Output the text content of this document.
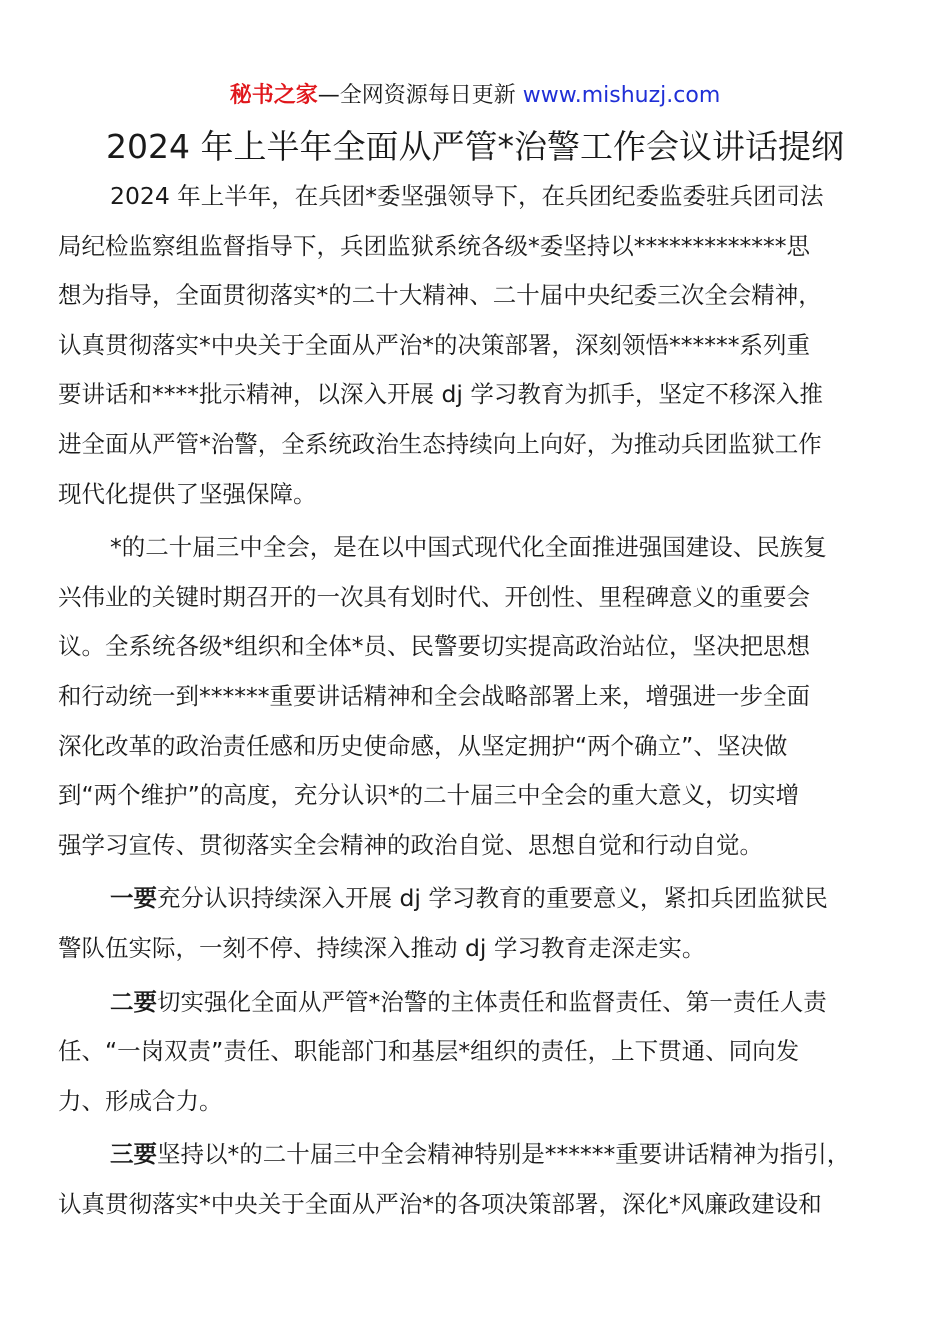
秘书之家—全网资源每日更新 www.mishuzj.com
2024 年上半年全面从严管*治警工作会议讲话提纲

2024 年上半年，在兵团*委坚强领导下，在兵团纪委监委驻兵团司法
局纪检监察组监督指导下，兵团监狱系统各级*委坚持以*************思
想为指导，全面贯彻落实*的二十大精神、二十届中央纪委三次全会精神，
认真贯彻落实*中央关于全面从严治*的决策部署，深刻领悟******系列重
要讲话和****批示精神，以深入开展 dj 学习教育为抓手，坚定不移深入推
进全面从严管*治警，全系统政治生态持续向上向好，为推动兵团监狱工作
现代化提供了坚强保障。

*的二十届三中全会，是在以中国式现代化全面推进强国建设、民族复
兴伟业的关键时期召开的一次具有划时代、开创性、里程碑意义的重要会
议。全系统各级*组织和全体*员、民警要切实提高政治站位，坚决把思想
和行动统一到******重要讲话精神和全会战略部署上来，增强进一步全面
深化改革的政治责任感和历史使命感，从坚定拥护“两个确立”、坚决做
到“两个维护”的高度，充分认识*的二十届三中全会的重大意义，切实增
强学习宣传、贯彻落实全会精神的政治自觉、思想自觉和行动自觉。

一要充分认识持续深入开展 dj 学习教育的重要意义，紧扣兵团监狱民
警队伍实际，一刻不停、持续深入推动 dj 学习教育走深走实。

二要切实强化全面从严管*治警的主体责任和监督责任、第一责任人责
任、“一岗双责”责任、职能部门和基层*组织的责任，上下贯通、同向发
力、形成合力。

三要坚持以*的二十届三中全会精神特别是******重要讲话精神为指引，
认真贯彻落实*中央关于全面从严治*的各项决策部署，深化*风廉政建设和
